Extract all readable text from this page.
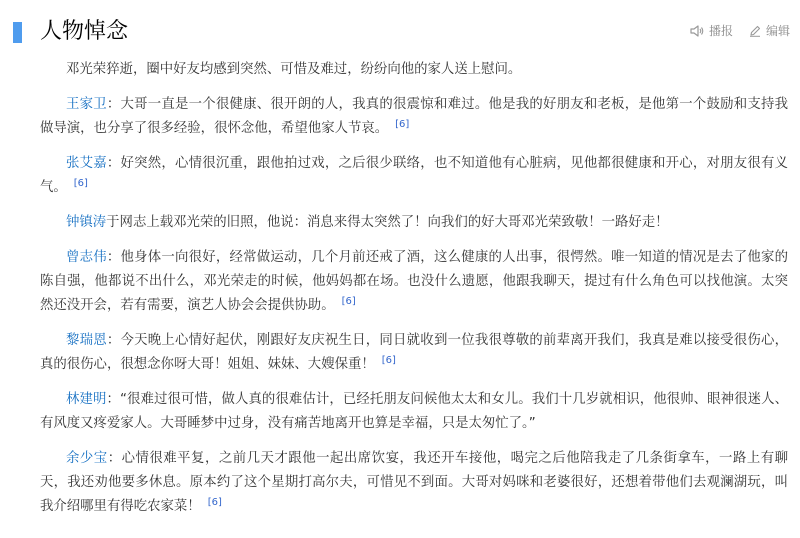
人物悼念	播报	编辑

邓光荣猝逝，圈中好友均感到突然、可惜及难过，纷纷向他的家人送上慰问。

王家卫：大哥一直是一个很健康、很开朗的人，我真的很震惊和难过。他是我的好朋友和老板，是他第一个鼓励和支持我做导演，也分享了很多经验，很怀念他，希望他家人节哀。 [6]

张艾嘉：好突然，心情很沉重，跟他拍过戏，之后很少联络，也不知道他有心脏病，见他都很健康和开心，对朋友很有义气。 [6]

钟镇涛于网志上载邓光荣的旧照，他说：消息来得太突然了！向我们的好大哥邓光荣致敬！一路好走！

曾志伟：他身体一向很好，经常做运动，几个月前还戒了酒，这么健康的人出事，很愕然。唯一知道的情况是去了他家的陈自强，他都说不出什么，邓光荣走的时候，他妈妈都在场。也没什么遗愿，他跟我聊天，提过有什么角色可以找他演。太突然还没开会，若有需要，演艺人协会会提供协助。 [6]

黎瑞恩：今天晚上心情好起伏，刚跟好友庆祝生日，同日就收到一位我很尊敬的前辈离开我们，我真是难以接受很伤心，真的很伤心，很想念你呀大哥！姐姐、妹妹、大嫂保重！ [6]

林建明：“很难过很可惜，做人真的很难估计，已经托朋友问候他太太和女儿。我们十几岁就相识，他很帅、眼神很迷人、有风度又疼爱家人。大哥睡梦中过身，没有痛苦地离开也算是幸福，只是太匆忙了。”

余少宝：心情很难平复，之前几天才跟他一起出席饮宴，我还开车接他，喝完之后他陪我走了几条街拿车，一路上有聊天，我还劝他要多休息。原本约了这个星期打高尔夫，可惜见不到面。大哥对妈咪和老婆很好，还想着带他们去观澜湖玩，叫我介绍哪里有得吃农家菜！ [6]
